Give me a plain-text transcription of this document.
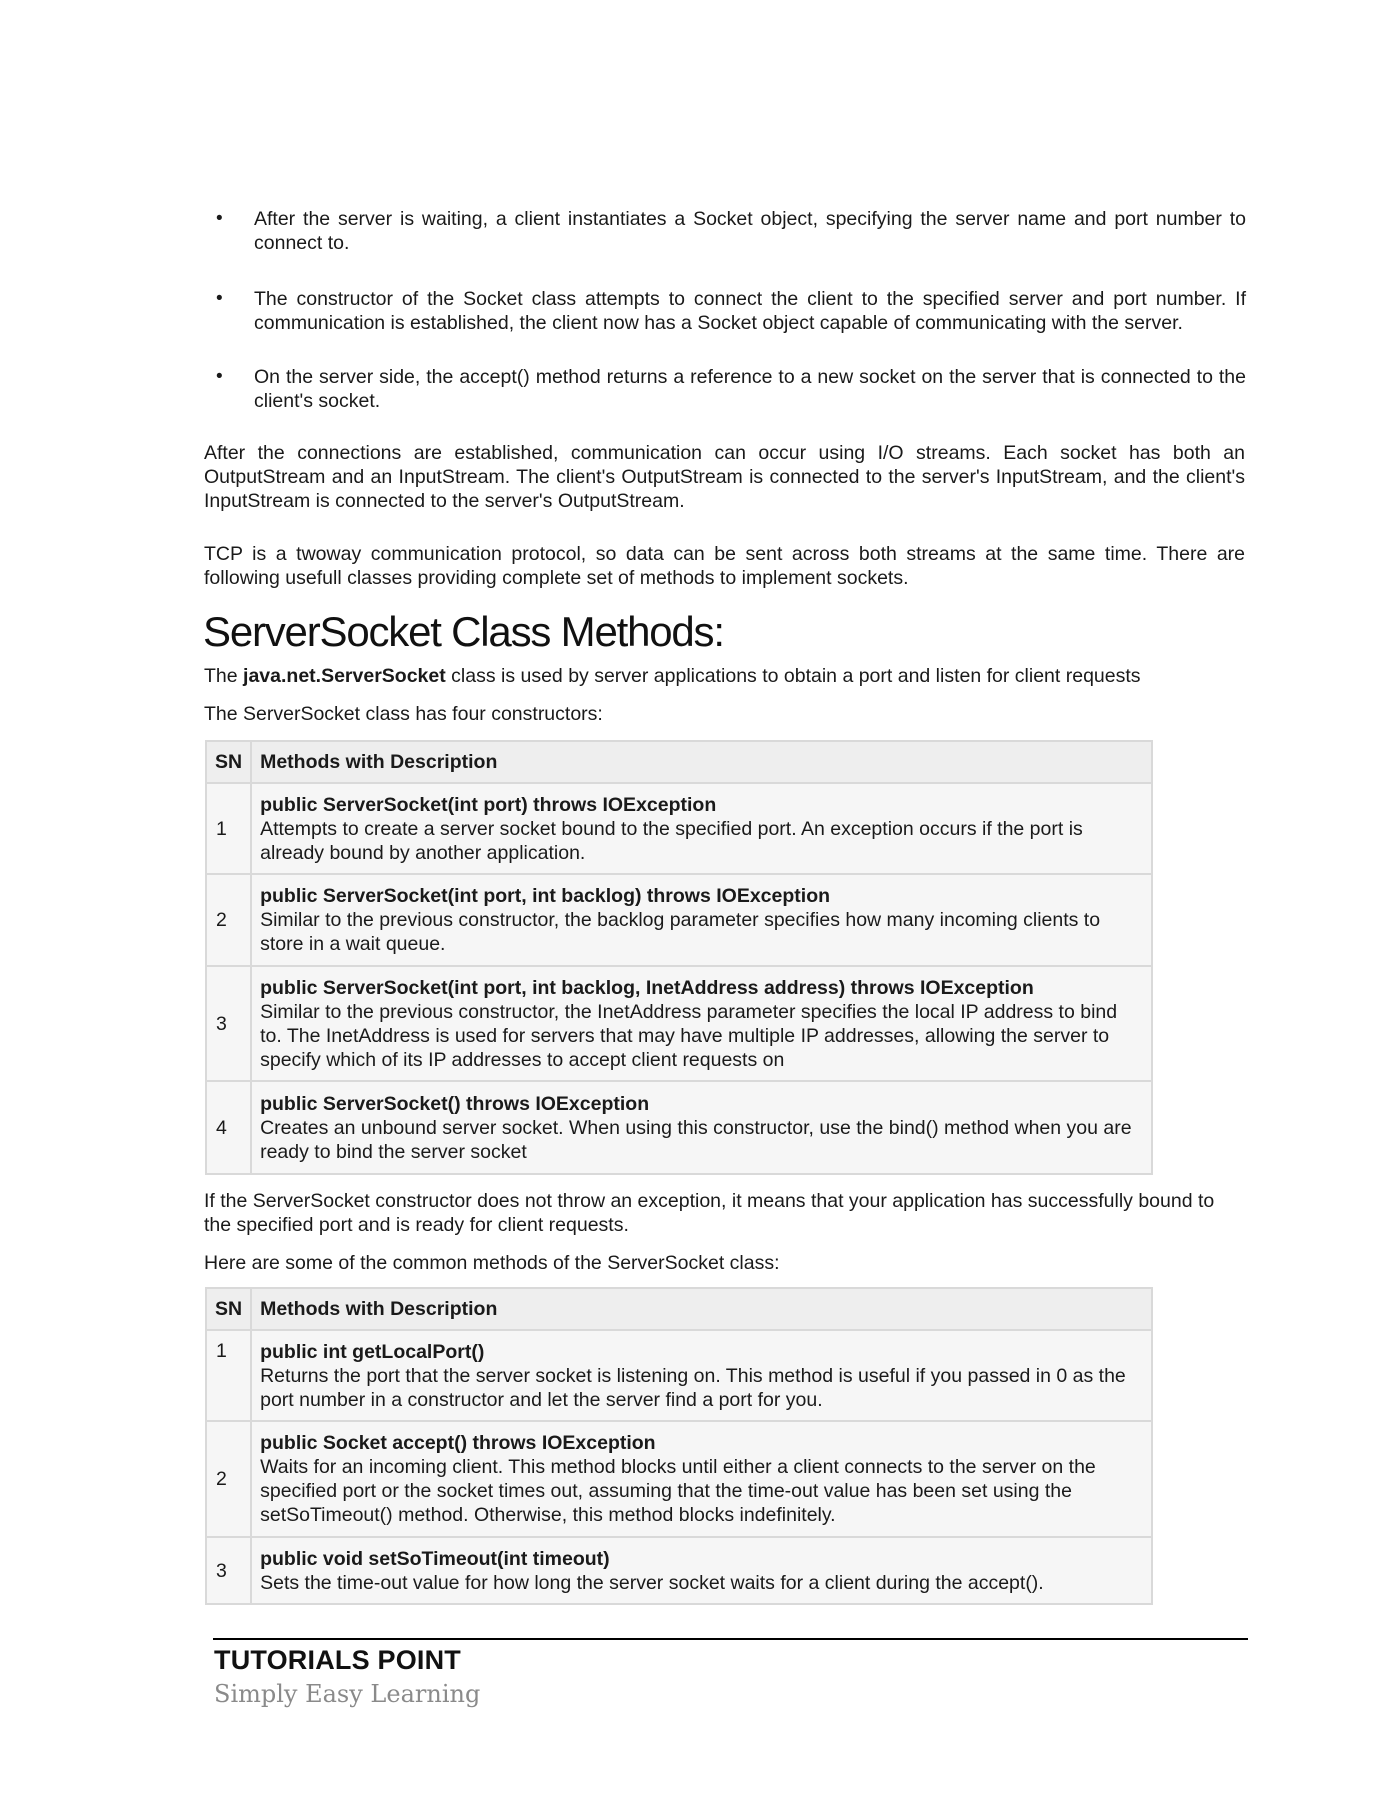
• After the server is waiting, a client instantiates a Socket object, specifying the server name and port number to connect to.
• The constructor of the Socket class attempts to connect the client to the specified server and port number. If communication is established, the client now has a Socket object capable of communicating with the server.
• On the server side, the accept() method returns a reference to a new socket on the server that is connected to the client's socket.
After the connections are established, communication can occur using I/O streams. Each socket has both an OutputStream and an InputStream. The client's OutputStream is connected to the server's InputStream, and the client's InputStream is connected to the server's OutputStream.
TCP is a twoway communication protocol, so data can be sent across both streams at the same time. There are following usefull classes providing complete set of methods to implement sockets.
ServerSocket Class Methods:
The java.net.ServerSocket class is used by server applications to obtain a port and listen for client requests
The ServerSocket class has four constructors:
SN	Methods with Description
1	public ServerSocket(int port) throws IOException
Attempts to create a server socket bound to the specified port. An exception occurs if the port is already bound by another application.

2	public ServerSocket(int port, int backlog) throws IOException
Similar to the previous constructor, the backlog parameter specifies how many incoming clients to store in a wait queue.

3	public ServerSocket(int port, int backlog, InetAddress address) throws IOException
Similar to the previous constructor, the InetAddress parameter specifies the local IP address to bind to. The InetAddress is used for servers that may have multiple IP addresses, allowing the server to specify which of its IP addresses to accept client requests on

4	public ServerSocket() throws IOException
Creates an unbound server socket. When using this constructor, use the bind() method when you are ready to bind the server socket
If the ServerSocket constructor does not throw an exception, it means that your application has successfully bound to the specified port and is ready for client requests.
Here are some of the common methods of the ServerSocket class:
SN	Methods with Description
1	public int getLocalPort()
Returns the port that the server socket is listening on. This method is useful if you passed in 0 as the port number in a constructor and let the server find a port for you.

2	public Socket accept() throws IOException
Waits for an incoming client. This method blocks until either a client connects to the server on the specified port or the socket times out, assuming that the time-out value has been set using the setSoTimeout() method. Otherwise, this method blocks indefinitely.

3	public void setSoTimeout(int timeout)
Sets the time-out value for how long the server socket waits for a client during the accept().
TUTORIALS POINT
Simply Easy Learning
